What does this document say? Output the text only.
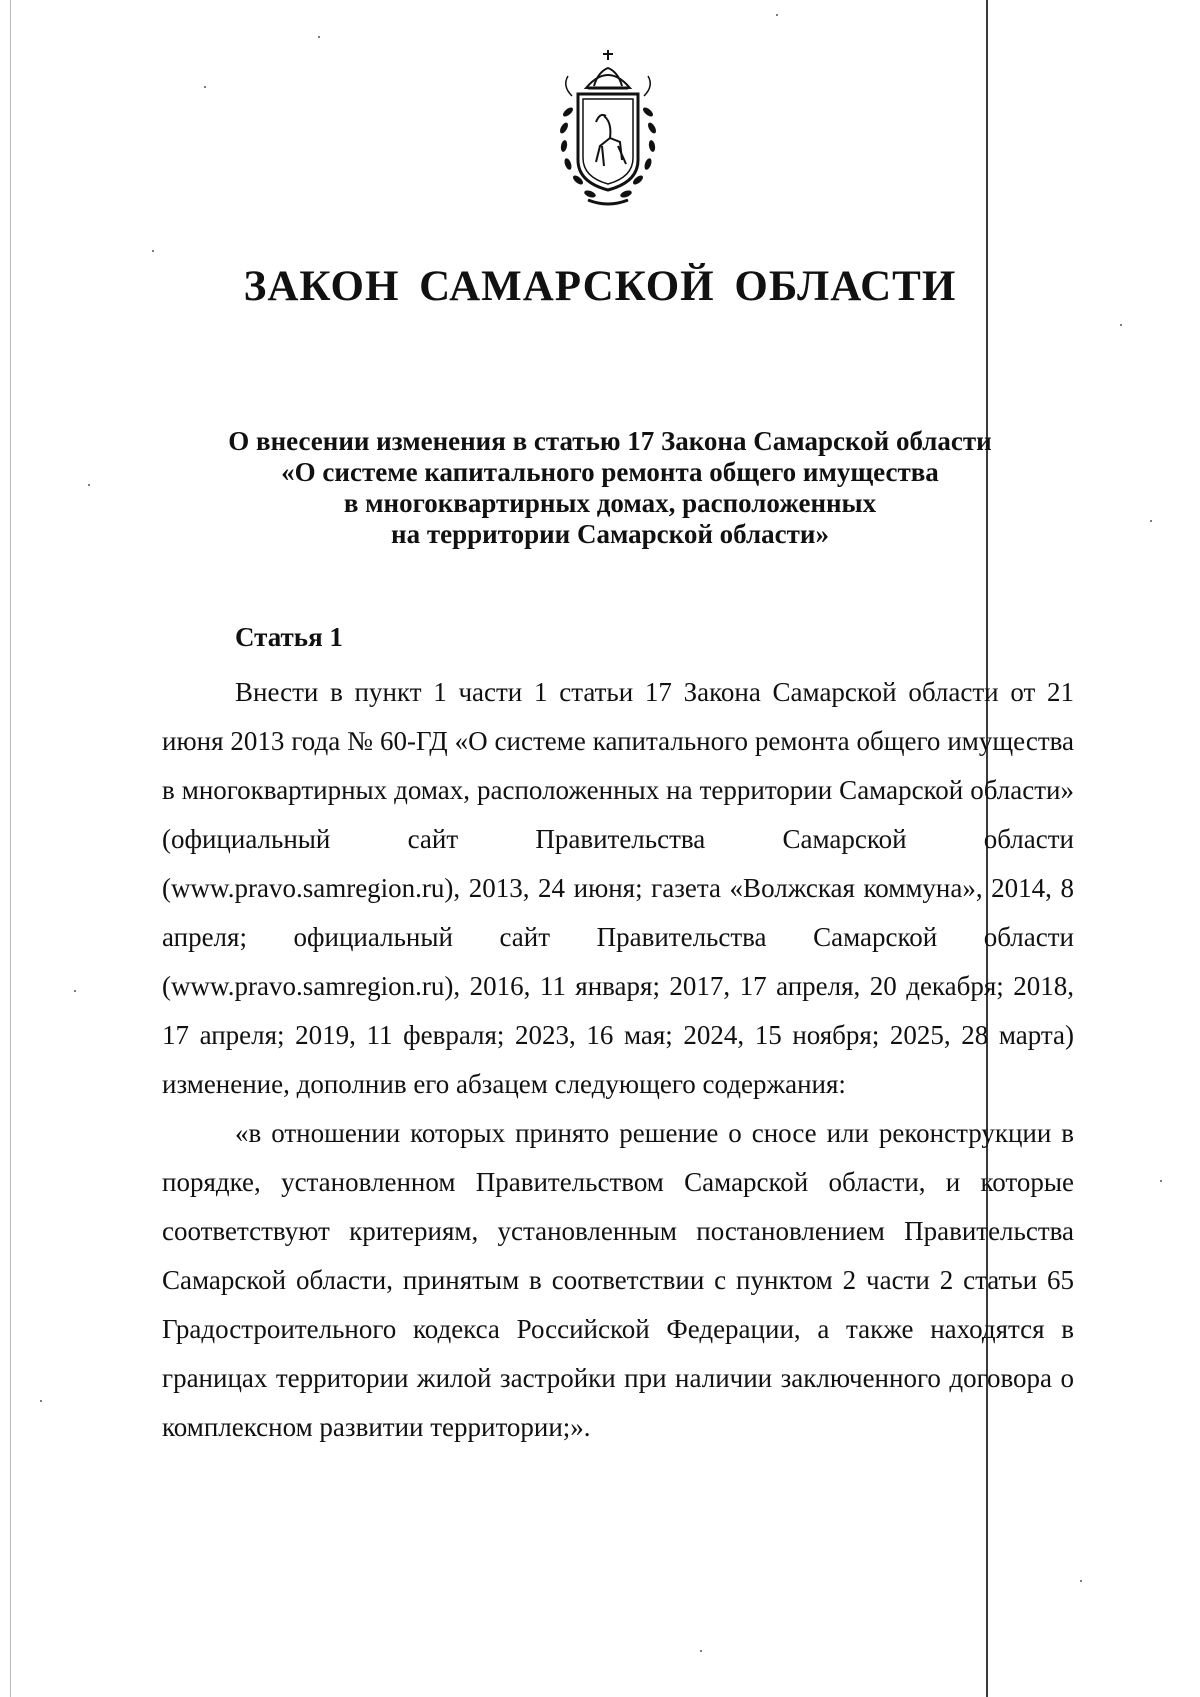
ЗАКОН САМАРСКОЙ ОБЛАСТИ
О внесении изменения в статью 17 Закона Самарской области
«О системе капитального ремонта общего имущества
в многоквартирных домах, расположенных
на территории Самарской области»
Статья 1

Внести в пункт 1 части 1 статьи 17 Закона Самарской области от 21 июня 2013 года № 60-ГД «О системе капитального ремонта общего имущества в многоквартирных домах, расположенных на территории Самарской области» (официальный сайт Правительства Самарской области (www.pravo.samregion.ru), 2013, 24 июня; газета «Волжская коммуна», 2014, 8 апреля; официальный сайт Правительства Самарской области (www.pravo.samregion.ru), 2016, 11 января; 2017, 17 апреля, 20 декабря; 2018, 17 апреля; 2019, 11 февраля; 2023, 16 мая; 2024, 15 ноября; 2025, 28 марта) изменение, дополнив его абзацем следующего содержания:

«в отношении которых принято решение о сносе или реконструкции в порядке, установленном Правительством Самарской области, и которые соответствуют критериям, установленным постановлением Правительства Самарской области, принятым в соответствии с пунктом 2 части 2 статьи 65 Градостроительного кодекса Российской Федерации, а также находятся в границах территории жилой застройки при наличии заключенного договора о комплексном развитии территории;».
